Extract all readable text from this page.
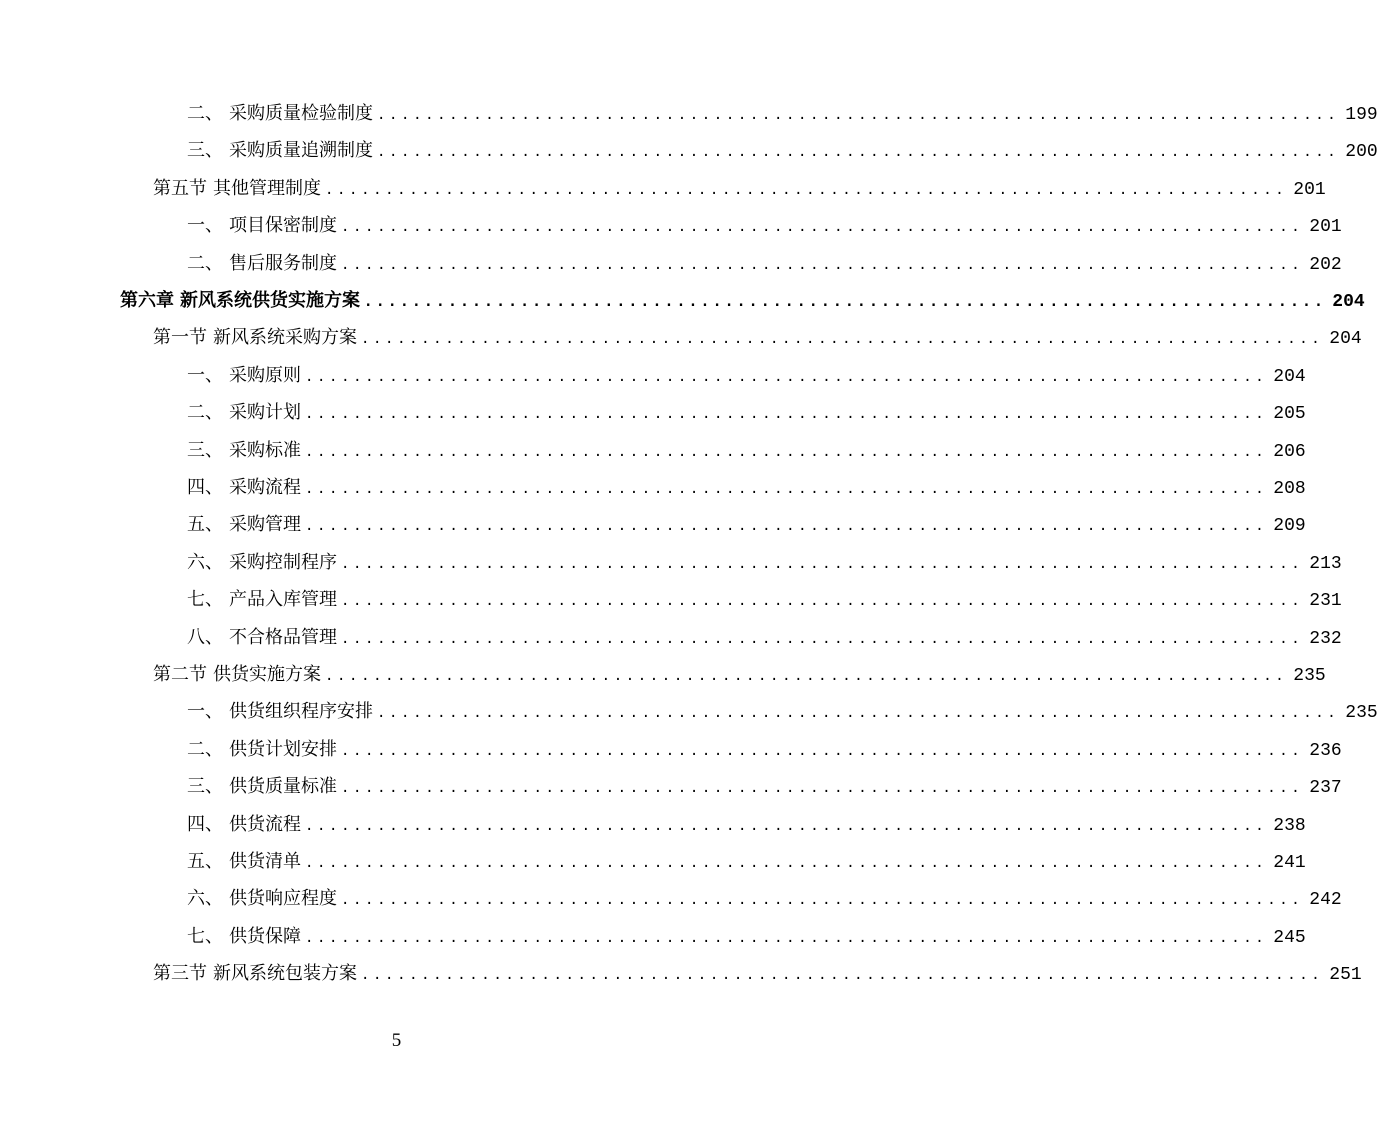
二、 采购质量检验制度 ................................................................................ 199
三、 采购质量追溯制度 ................................................................................ 200
第五节 其他管理制度 ................................................................................ 201
一、 项目保密制度 ................................................................................ 201
二、 售后服务制度 ................................................................................ 202
第六章 新风系统供货实施方案 ................................................................................ 204
第一节 新风系统采购方案 ................................................................................ 204
一、 采购原则 ................................................................................ 204
二、 采购计划 ................................................................................ 205
三、 采购标准 ................................................................................ 206
四、 采购流程 ................................................................................ 208
五、 采购管理 ................................................................................ 209
六、 采购控制程序 ................................................................................ 213
七、 产品入库管理 ................................................................................ 231
八、 不合格品管理 ................................................................................ 232
第二节 供货实施方案 ................................................................................ 235
一、 供货组织程序安排 ................................................................................ 235
二、 供货计划安排 ................................................................................ 236
三、 供货质量标准 ................................................................................ 237
四、 供货流程 ................................................................................ 238
五、 供货清单 ................................................................................ 241
六、 供货响应程度 ................................................................................ 242
七、 供货保障 ................................................................................ 245
第三节 新风系统包装方案 ................................................................................ 251
5
